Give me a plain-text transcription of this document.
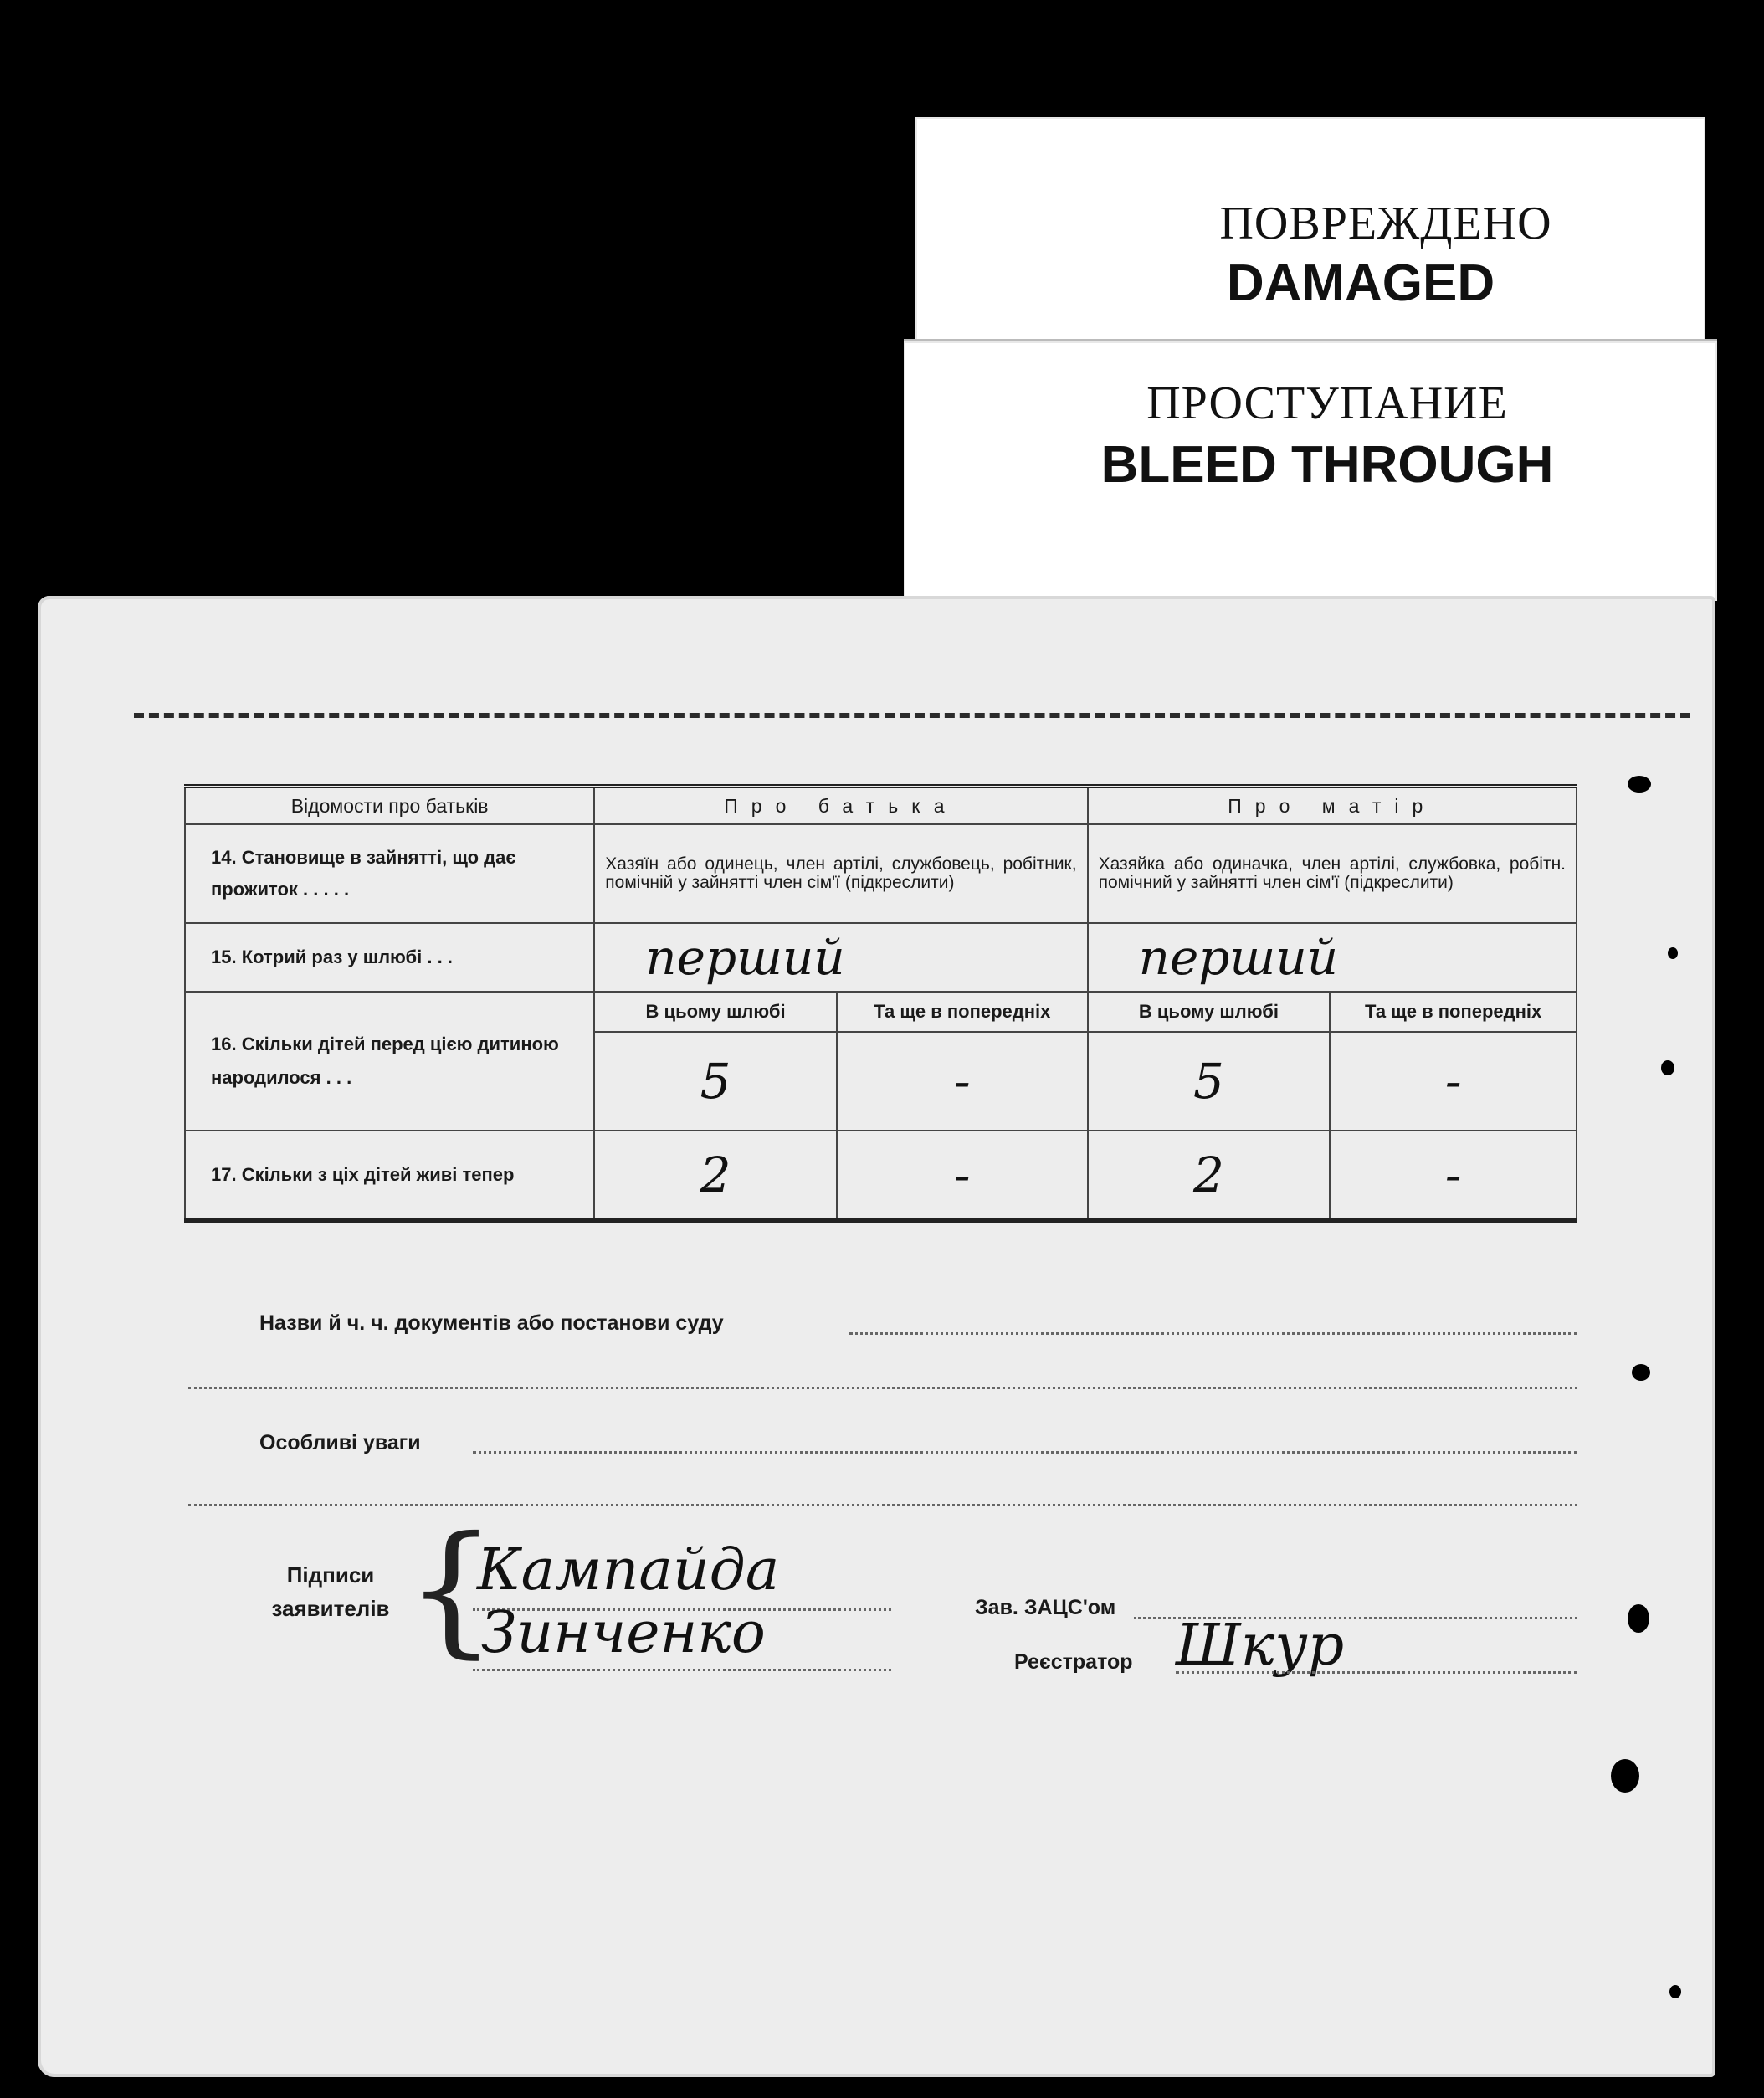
ПОВРЕЖДЕНО
DAMAGED
ПРОСТУПАНИЕ
BLEED THROUGH
Відомости про батьків	Про батька		Про матір	
14. Становище в зайнятті, що дає прожиток . . . . .	Хазяїн або одинець, член артілі, службовець, робітник, помічній у зайнятті член сім'ї (підкреслити)		Хазяйка або одиначка, член артілі, службовка, робітн. помічний у зайнятті член сім'ї (підкреслити)	
15. Котрий раз у шлюбі . . .	перший		перший	
16. Скільки дітей перед цією дитиною народилося . . .	В цьому шлюбі	Та ще в попередніх	В цьому шлюбі	Та ще в попередніх
	5	-	5	-
17. Скільки з ціх дітей живі тепер	2	-	2	-
Назви й ч. ч. документів або постанови суду
Особливі уваги
Підписи
заявителів {
Кампайда
Зинченко	Зав. ЗАЦС'ом
Реєстратор Шкур
